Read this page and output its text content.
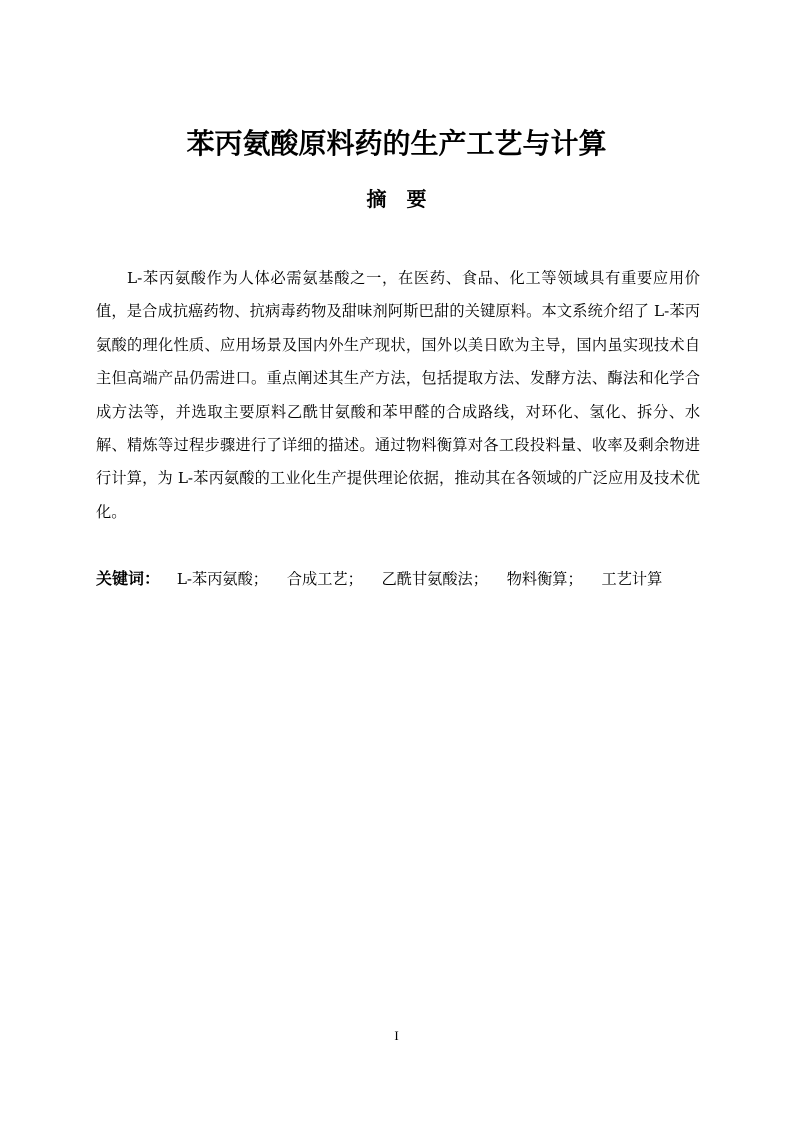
苯丙氨酸原料药的生产工艺与计算
摘　要

L-苯丙氨酸作为人体必需氨基酸之一，在医药、食品、化工等领域具有重要应用价值，是合成抗癌药物、抗病毒药物及甜味剂阿斯巴甜的关键原料。本文系统介绍了 L-苯丙氨酸的理化性质、应用场景及国内外生产现状，国外以美日欧为主导，国内虽实现技术自主但高端产品仍需进口。重点阐述其生产方法，包括提取方法、发酵方法、酶法和化学合成方法等，并选取主要原料乙酰甘氨酸和苯甲醛的合成路线，对环化、氢化、拆分、水解、精炼等过程步骤进行了详细的描述。通过物料衡算对各工段投料量、收率及剩余物进行计算，为 L-苯丙氨酸的工业化生产提供理论依据，推动其在各领域的广泛应用及技术优化。

关键词： L-苯丙氨酸； 合成工艺； 乙酰甘氨酸法； 物料衡算； 工艺计算
I
